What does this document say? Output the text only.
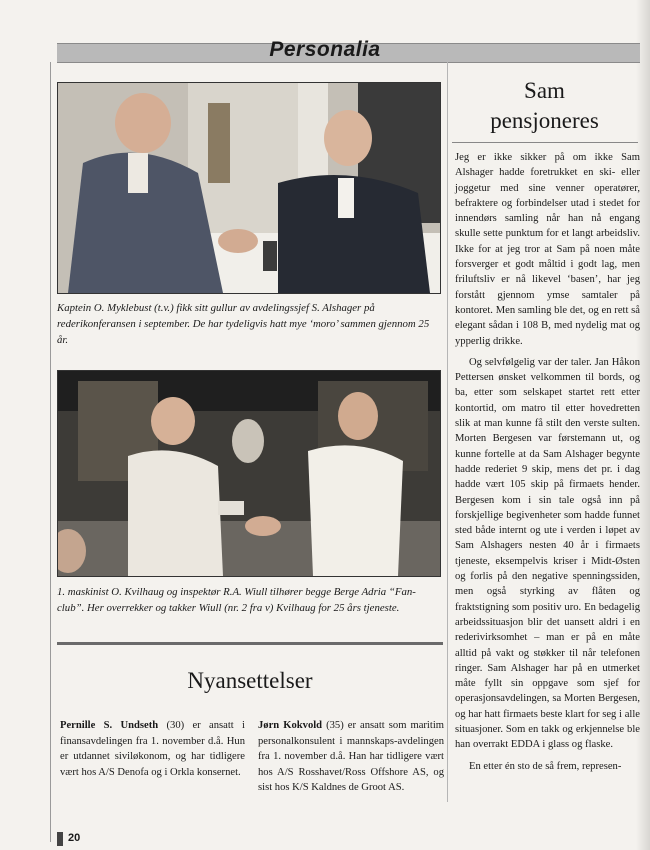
Personalia
Kaptein O. Myklebust (t.v.) fikk sitt gullur av avdelingssjef S. Alshager på rederikonferansen i september. De har tydeligvis hatt mye ‘moro’ sammen gjennom 25 år.
1. maskinist O. Kvilhaug og inspektør R.A. Wiull tilhører begge Berge Adria “Fan-club”. Her overrekker og takker Wiull (nr. 2 fra v) Kvilhaug for 25 års tjeneste.
Nyansettelser
Pernille S. Undseth (30) er ansatt i finansavdelingen fra 1. november d.å. Hun er utdannet siviløkonom, og har tidligere vært hos A/S Denofa og i Orkla konsernet.
Jørn Kokvold (35) er ansatt som maritim personalkonsulent i mannskaps-avdelingen fra 1. november d.å. Han har tidligere vært hos A/S Rosshavet/Ross Offshore AS, og sist hos K/S Kaldnes de Groot AS.
Sam
pensjoneres

Jeg er ikke sikker på om ikke Sam Alshager hadde foretrukket en ski- eller joggetur med sine venner operatører, befraktere og forbindelser utad i stedet for innendørs samling når han nå engang skulle sette punktum for et langt arbeidsliv. Ikke for at jeg tror at Sam på noen måte forsverger et godt måltid i godt lag, men friluftsliv er nå likevel ‘basen’, har jeg forstått gjennom ymse samtaler på kontoret. Men samling ble det, og en rett så elegant sådan i 108 B, med nydelig mat og ypperlig drikke.

Og selvfølgelig var der taler. Jan Håkon Pettersen ønsket velkommen til bords, og ba, etter som selskapet startet rett etter kontortid, om matro til etter hovedretten slik at man kunne få stilt den verste sulten. Morten Bergesen var førstemann ut, og kunne fortelle at da Sam Alshager begynte hadde rederiet 9 skip, mens det pr. i dag hadde vært 105 skip på firmaets hender. Bergesen kom i sin tale også inn på forskjellige begivenheter som hadde funnet sted både internt og ute i verden i løpet av Sam Alshagers nesten 40 år i firmaets tjeneste, eksempelvis kriser i Midt-Østen og forlis på den negative spenningssiden, men også styrking av flåten og fraktstigning som positiv uro. En bedagelig arbeidssituasjon blir det uansett aldri i en rederivirksomhet – man er på en måte alltid på vakt og støkker til når telefonen ringer. Sam Alshager har på en utmerket måte fyllt sin oppgave som sjef for operasjonsavdelingen, sa Morten Bergesen, og har hatt firmaets beste klart for seg i alle situasjoner. Som en takk og erkjennelse ble han overrakt EDDA i glass og flaske.

En etter én sto de så frem, represen-

20
